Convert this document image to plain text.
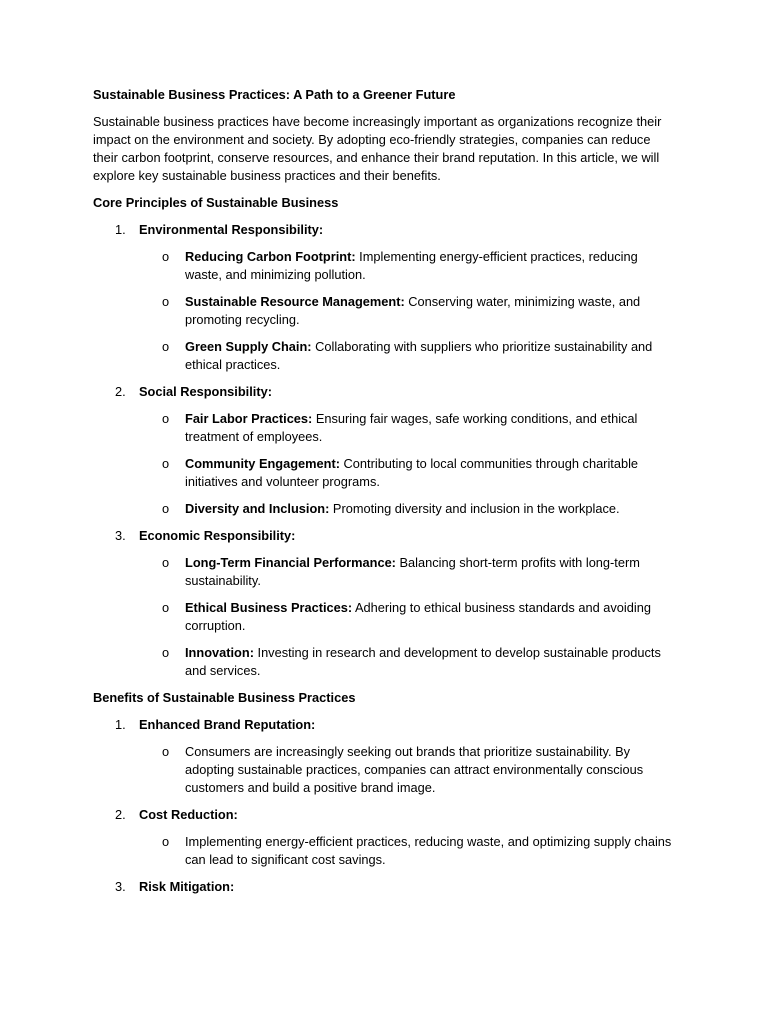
Sustainable Business Practices: A Path to a Greener Future

Sustainable business practices have become increasingly important as organizations recognize their impact on the environment and society. By adopting eco-friendly strategies, companies can reduce their carbon footprint, conserve resources, and enhance their brand reputation. In this article, we will explore key sustainable business practices and their benefits.

Core Principles of Sustainable Business

1. Environmental Responsibility:
o Reducing Carbon Footprint: Implementing energy-efficient practices, reducing waste, and minimizing pollution.
o Sustainable Resource Management: Conserving water, minimizing waste, and promoting recycling.
o Green Supply Chain: Collaborating with suppliers who prioritize sustainability and ethical practices.
2. Social Responsibility:
o Fair Labor Practices: Ensuring fair wages, safe working conditions, and ethical treatment of employees.
o Community Engagement: Contributing to local communities through charitable initiatives and volunteer programs.
o Diversity and Inclusion: Promoting diversity and inclusion in the workplace.
3. Economic Responsibility:
o Long-Term Financial Performance: Balancing short-term profits with long-term sustainability.
o Ethical Business Practices: Adhering to ethical business standards and avoiding corruption.
o Innovation: Investing in research and development to develop sustainable products and services.

Benefits of Sustainable Business Practices

1. Enhanced Brand Reputation:
o Consumers are increasingly seeking out brands that prioritize sustainability. By adopting sustainable practices, companies can attract environmentally conscious customers and build a positive brand image.
2. Cost Reduction:
o Implementing energy-efficient practices, reducing waste, and optimizing supply chains can lead to significant cost savings.
3. Risk Mitigation:
